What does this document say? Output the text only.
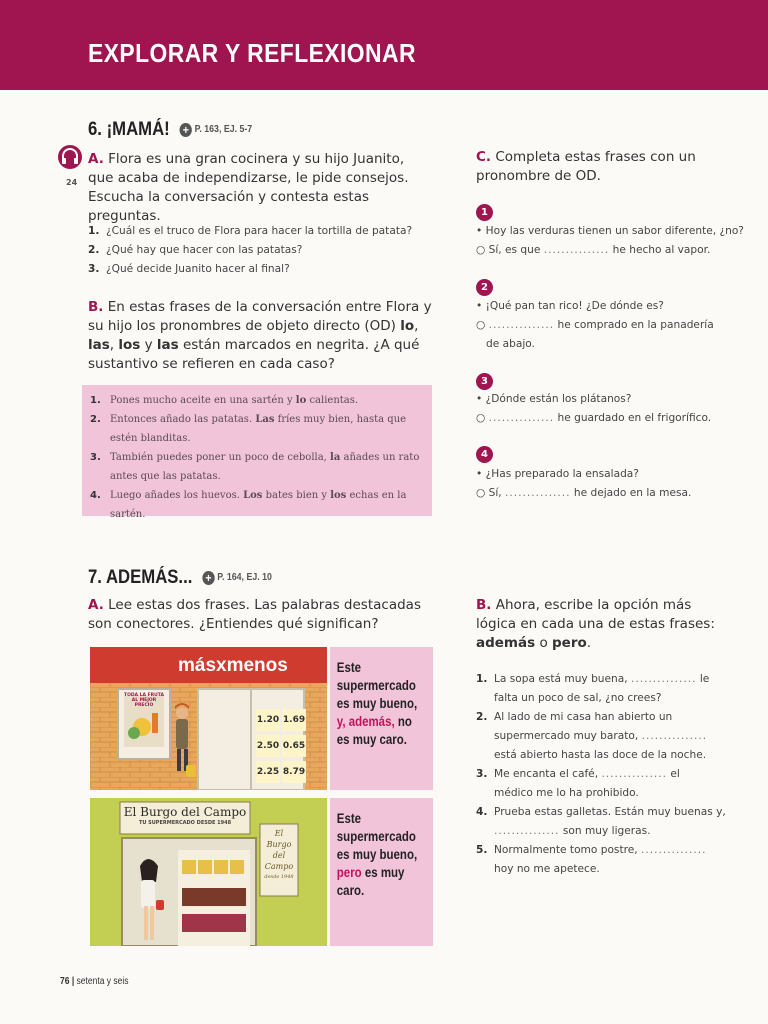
EXPLORAR Y REFLEXIONAR
6. ¡MAMÁ! + P. 163, EJ. 5-7
24
A. Flora es una gran cocinera y su hijo Juanito, que acaba de independizarse, le pide consejos. Escucha la conversación y contesta estas preguntas.
1. ¿Cuál es el truco de Flora para hacer la tortilla de patata?
2. ¿Qué hay que hacer con las patatas?
3. ¿Qué decide Juanito hacer al final?
B. En estas frases de la conversación entre Flora y su hijo los pronombres de objeto directo (OD) lo, las, los y las están marcados en negrita. ¿A qué sustantivo se refieren en cada caso?
1. Pones mucho aceite en una sartén y lo calientas.
2. Entonces añado las patatas. Las fríes muy bien, hasta que estén blanditas.
3. También puedes poner un poco de cebolla, la añades un rato antes que las patatas.
4. Luego añades los huevos. Los bates bien y los echas en la sartén.
C. Completa estas frases con un pronombre de OD.
1
• Hoy las verduras tienen un sabor diferente, ¿no?
○ Sí, es que ............... he hecho al vapor.
2
• ¡Qué pan tan rico! ¿De dónde es?
○ ............... he comprado en la panadería
de abajo.
3
• ¿Dónde están los plátanos?
○ ............... he guardado en el frigorífico.
4
• ¿Has preparado la ensalada?
○ Sí, ............... he dejado en la mesa.
7. ADEMÁS... + P. 164, EJ. 10
A. Lee estas dos frases. Las palabras destacadas son conectores. ¿Entiendes qué significan?
másxmenos
TODA LA FRUTA AL MEJOR PRECIO
1.20 1.69
2.50 0.65
2.25 8.79
Este supermercado es muy bueno, y, además, no es muy caro.
El Burgo del Campo
TU SUPERMERCADO DESDE 1948
El
Burgo
del
Campo
desde 1948
Este supermercado es muy bueno, pero es muy caro.
B. Ahora, escribe la opción más lógica en cada una de estas frases: además o pero.
1. La sopa está muy buena, ............... le
falta un poco de sal, ¿no crees?
2. Al lado de mi casa han abierto un
supermercado muy barato, ...............
está abierto hasta las doce de la noche.
3. Me encanta el café, ............... el
médico me lo ha prohibido.
4. Prueba estas galletas. Están muy buenas y,
............... son muy ligeras.
5. Normalmente tomo postre, ...............
hoy no me apetece.
76 | setenta y seis
